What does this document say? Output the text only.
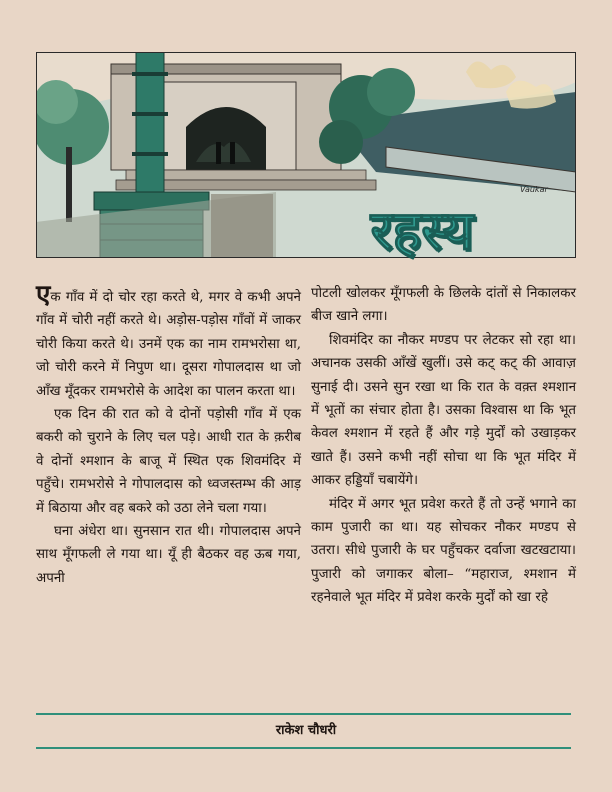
Vaukar
रहस्य

एक गाँव में दो चोर रहा करते थे, मगर वे कभी अपने गाँव में चोरी नहीं करते थे। अड़ोस-पड़ोस गाँवों में जाकर चोरी किया करते थे। उनमें एक का नाम रामभरोसा था, जो चोरी करने में निपुण था। दूसरा गोपालदास था जो आँख मूँदकर रामभरोसे के आदेश का पालन करता था।

एक दिन की रात को वे दोनों पड़ोसी गाँव में एक बकरी को चुराने के लिए चल पड़े। आधी रात के क़रीब वे दोनों श्मशान के बाजू में स्थित एक शिवमंदिर में पहुँचे। रामभरोसे ने गोपालदास को ध्वजस्तम्भ की आड़ में बिठाया और वह बकरे को उठा लेने चला गया।

घना अंधेरा था। सुनसान रात थी। गोपालदास अपने साथ मूँगफली ले गया था। यूँ ही बैठकर वह ऊब गया, अपनी

पोटली खोलकर मूँगफली के छिलके दांतों से निकालकर बीज खाने लगा।

शिवमंदिर का नौकर मण्डप पर लेटकर सो रहा था। अचानक उसकी आँखें खुलीं। उसे कट् कट् की आवाज़ सुनाई दी। उसने सुन रखा था कि रात के वक़्त श्मशान में भूतों का संचार होता है। उसका विश्वास था कि भूत केवल श्मशान में रहते हैं और गड़े मुर्दों को उखाड़कर खाते हैं। उसने कभी नहीं सोचा था कि भूत मंदिर में आकर हड्डियाँ चबायेंगे।

मंदिर में अगर भूत प्रवेश करते हैं तो उन्हें भगाने का काम पुजारी का था। यह सोचकर नौकर मण्डप से उतरा। सीधे पुजारी के घर पहुँचकर दर्वाजा खटखटाया। पुजारी को जगाकर बोला– “महाराज, श्मशान में रहनेवाले भूत मंदिर में प्रवेश करके मुर्दों को खा रहे

राकेश चौधरी
